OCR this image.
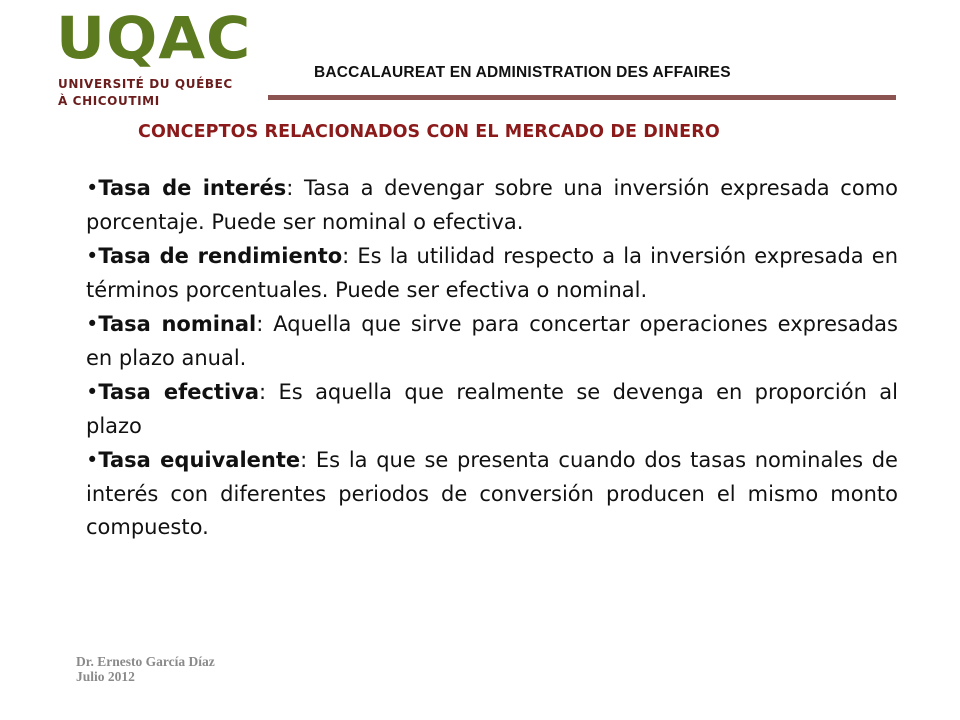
UQAC
UNIVERSITÉ DU QUÉBEC
À CHICOUTIMI
BACCALAUREAT EN ADMINISTRATION DES AFFAIRES
CONCEPTOS RELACIONADOS CON EL MERCADO DE DINERO

•Tasa de interés: Tasa a devengar sobre una inversión expresada como porcentaje. Puede ser nominal o efectiva.

•Tasa de rendimiento: Es la utilidad respecto a la inversión expresada en términos porcentuales. Puede ser efectiva o nominal.

•Tasa nominal: Aquella que sirve para concertar operaciones expresadas en plazo anual.

•Tasa efectiva: Es aquella que realmente se devenga en proporción al plazo

•Tasa equivalente: Es la que se presenta cuando dos tasas nominales de interés con diferentes periodos de conversión producen el mismo monto compuesto.

Dr. Ernesto García Díaz
Julio 2012
